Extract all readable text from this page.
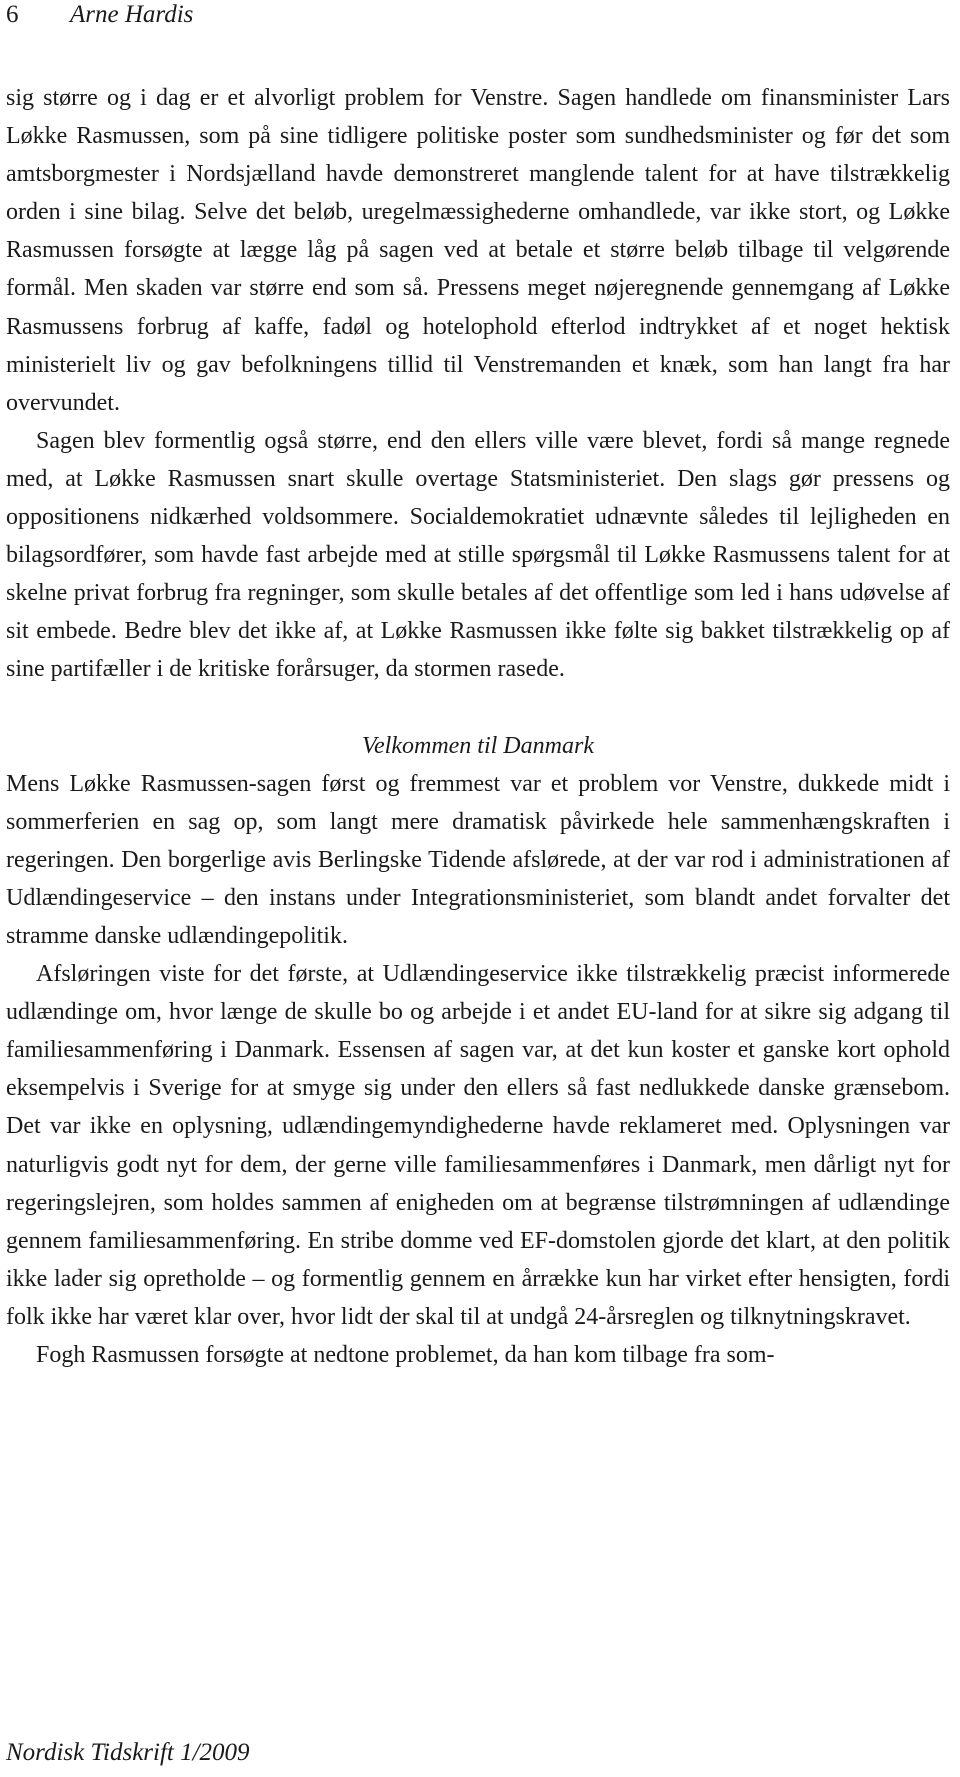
6 Arne Hardis

sig større og i dag er et alvorligt problem for Venstre. Sagen handlede om finansminister Lars Løkke Rasmussen, som på sine tidligere politiske poster som sundhedsminister og før det som amtsborgmester i Nordsjælland havde demonstreret manglende talent for at have tilstrækkelig orden i sine bilag. Selve det beløb, uregelmæssighederne omhandlede, var ikke stort, og Løkke Rasmussen forsøgte at lægge låg på sagen ved at betale et større beløb tilbage til velgørende formål. Men skaden var større end som så. Pressens meget nøjeregnende gennemgang af Løkke Rasmussens forbrug af kaffe, fadøl og hotelophold efterlod indtrykket af et noget hektisk ministerielt liv og gav befolkningens tillid til Venstremanden et knæk, som han langt fra har overvundet.

Sagen blev formentlig også større, end den ellers ville være blevet, fordi så mange regnede med, at Løkke Rasmussen snart skulle overtage Statsministeriet. Den slags gør pressens og oppositionens nidkærhed voldsommere. Socialdemokratiet udnævnte således til lejligheden en bilagsordfører, som havde fast arbejde med at stille spørgsmål til Løkke Rasmussens talent for at skelne privat forbrug fra regninger, som skulle betales af det offentlige som led i hans udøvelse af sit embede. Bedre blev det ikke af, at Løkke Rasmussen ikke følte sig bakket tilstrækkelig op af sine partifæller i de kritiske forårsuger, da stormen rasede.

Velkommen til Danmark

Mens Løkke Rasmussen-sagen først og fremmest var et problem vor Venstre, dukkede midt i sommerferien en sag op, som langt mere dramatisk påvirkede hele sammenhængskraften i regeringen. Den borgerlige avis Berlingske Tidende afslørede, at der var rod i administrationen af Udlændingeservice – den instans under Integrationsministeriet, som blandt andet forvalter det stramme danske udlændingepolitik.

Afsløringen viste for det første, at Udlændingeservice ikke tilstrækkelig præcist informerede udlændinge om, hvor længe de skulle bo og arbejde i et andet EU-land for at sikre sig adgang til familiesammenføring i Danmark. Essensen af sagen var, at det kun koster et ganske kort ophold eksempelvis i Sverige for at smyge sig under den ellers så fast nedlukkede danske grænsebom. Det var ikke en oplysning, udlændingemyndighederne havde reklameret med. Oplysningen var naturligvis godt nyt for dem, der gerne ville familiesammenføres i Danmark, men dårligt nyt for regeringslejren, som holdes sammen af enigheden om at begrænse tilstrømningen af udlændinge gennem familiesammenføring. En stribe domme ved EF-domstolen gjorde det klart, at den politik ikke lader sig opretholde – og formentlig gennem en årrække kun har virket efter hensigten, fordi folk ikke har været klar over, hvor lidt der skal til at undgå 24-årsreglen og tilknytningskravet.

Fogh Rasmussen forsøgte at nedtone problemet, da han kom tilbage fra som-

Nordisk Tidskrift 1/2009
